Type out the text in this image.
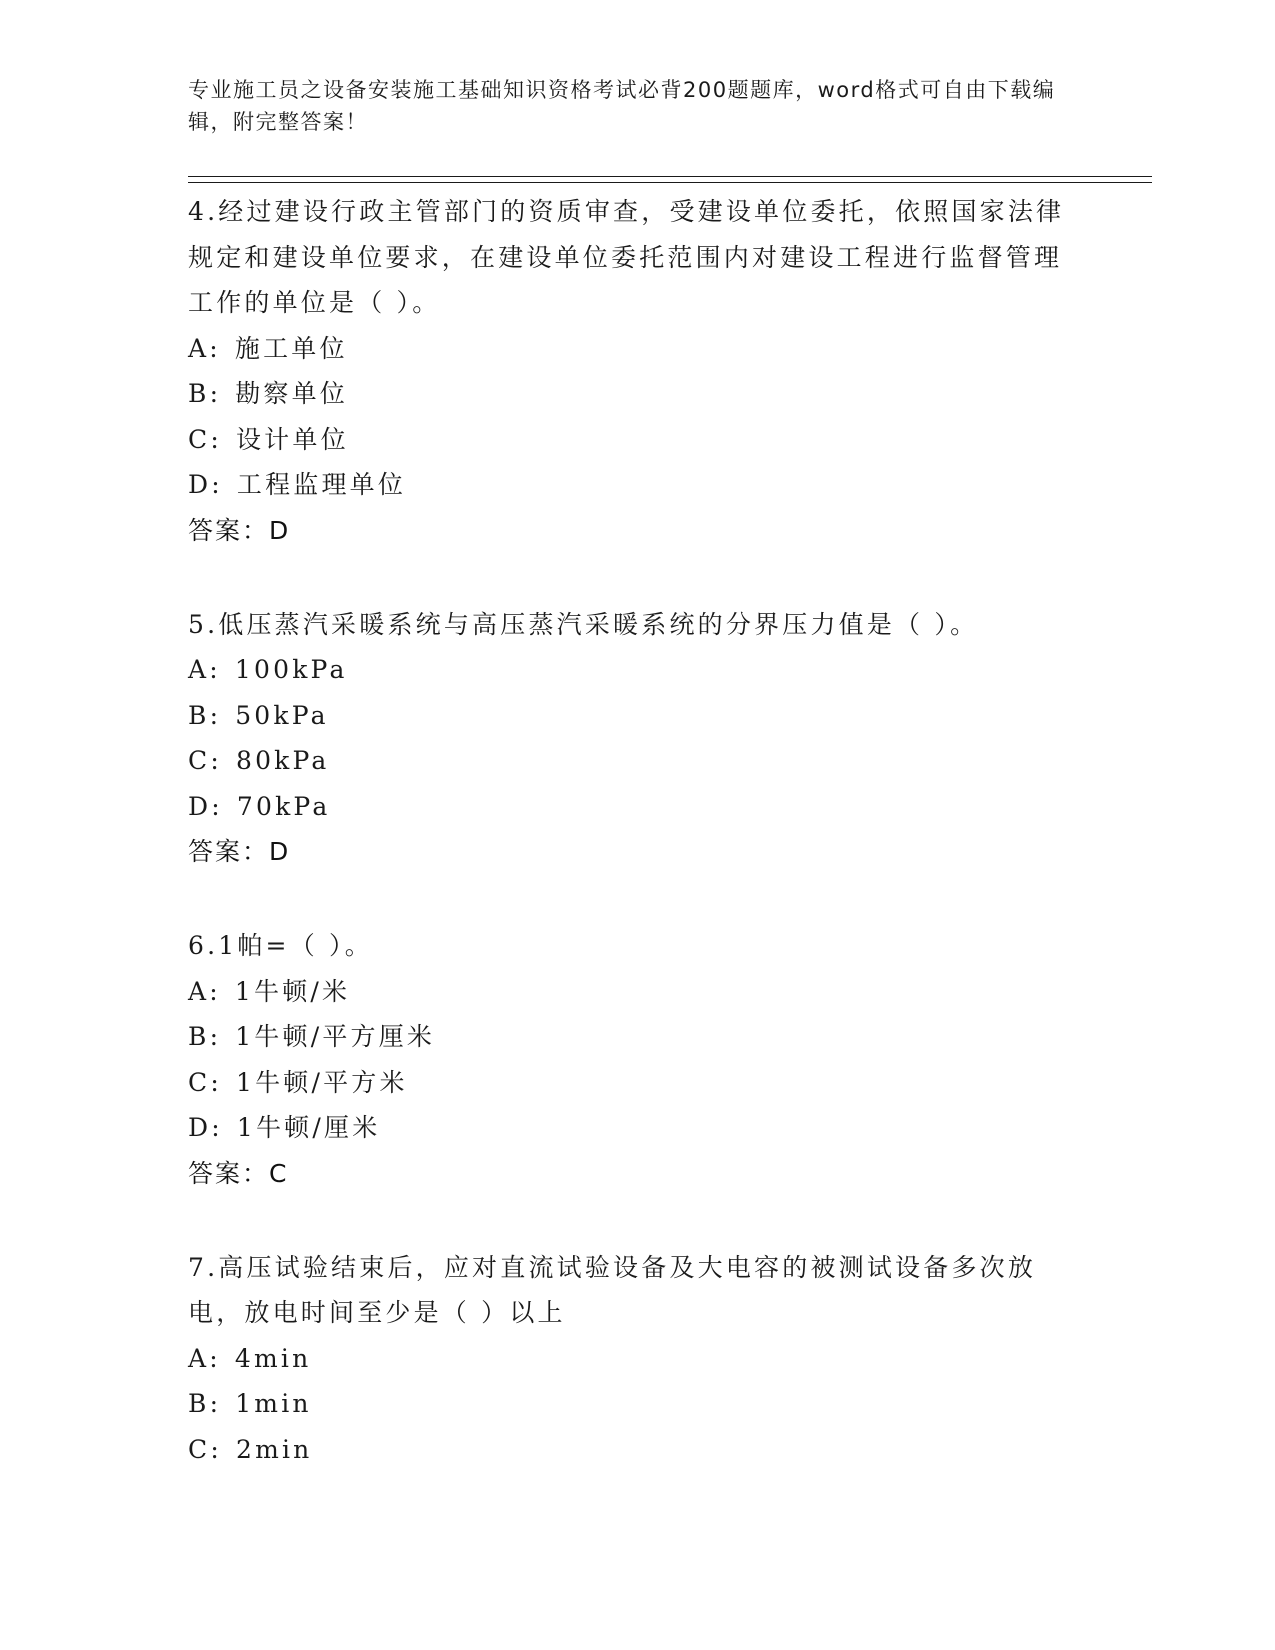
专业施工员之设备安装施工基础知识资格考试必背200题题库，word格式可自由下载编辑，附完整答案！

4.经过建设行政主管部门的资质审查，受建设单位委托，依照国家法律规定和建设单位要求，在建设单位委托范围内对建设工程进行监督管理工作的单位是（ ）。

A: 施工单位
B: 勘察单位
C: 设计单位
D: 工程监理单位
答案：D

5.低压蒸汽采暖系统与高压蒸汽采暖系统的分界压力值是（ ）。

A: 100kPa
B: 50kPa
C: 80kPa
D: 70kPa
答案：D

6.1帕=（ ）。

A: 1牛顿/米
B: 1牛顿/平方厘米
C: 1牛顿/平方米
D: 1牛顿/厘米
答案：C

7.高压试验结束后，应对直流试验设备及大电容的被测试设备多次放电，放电时间至少是（ ）以上

A: 4min
B: 1min
C: 2min
